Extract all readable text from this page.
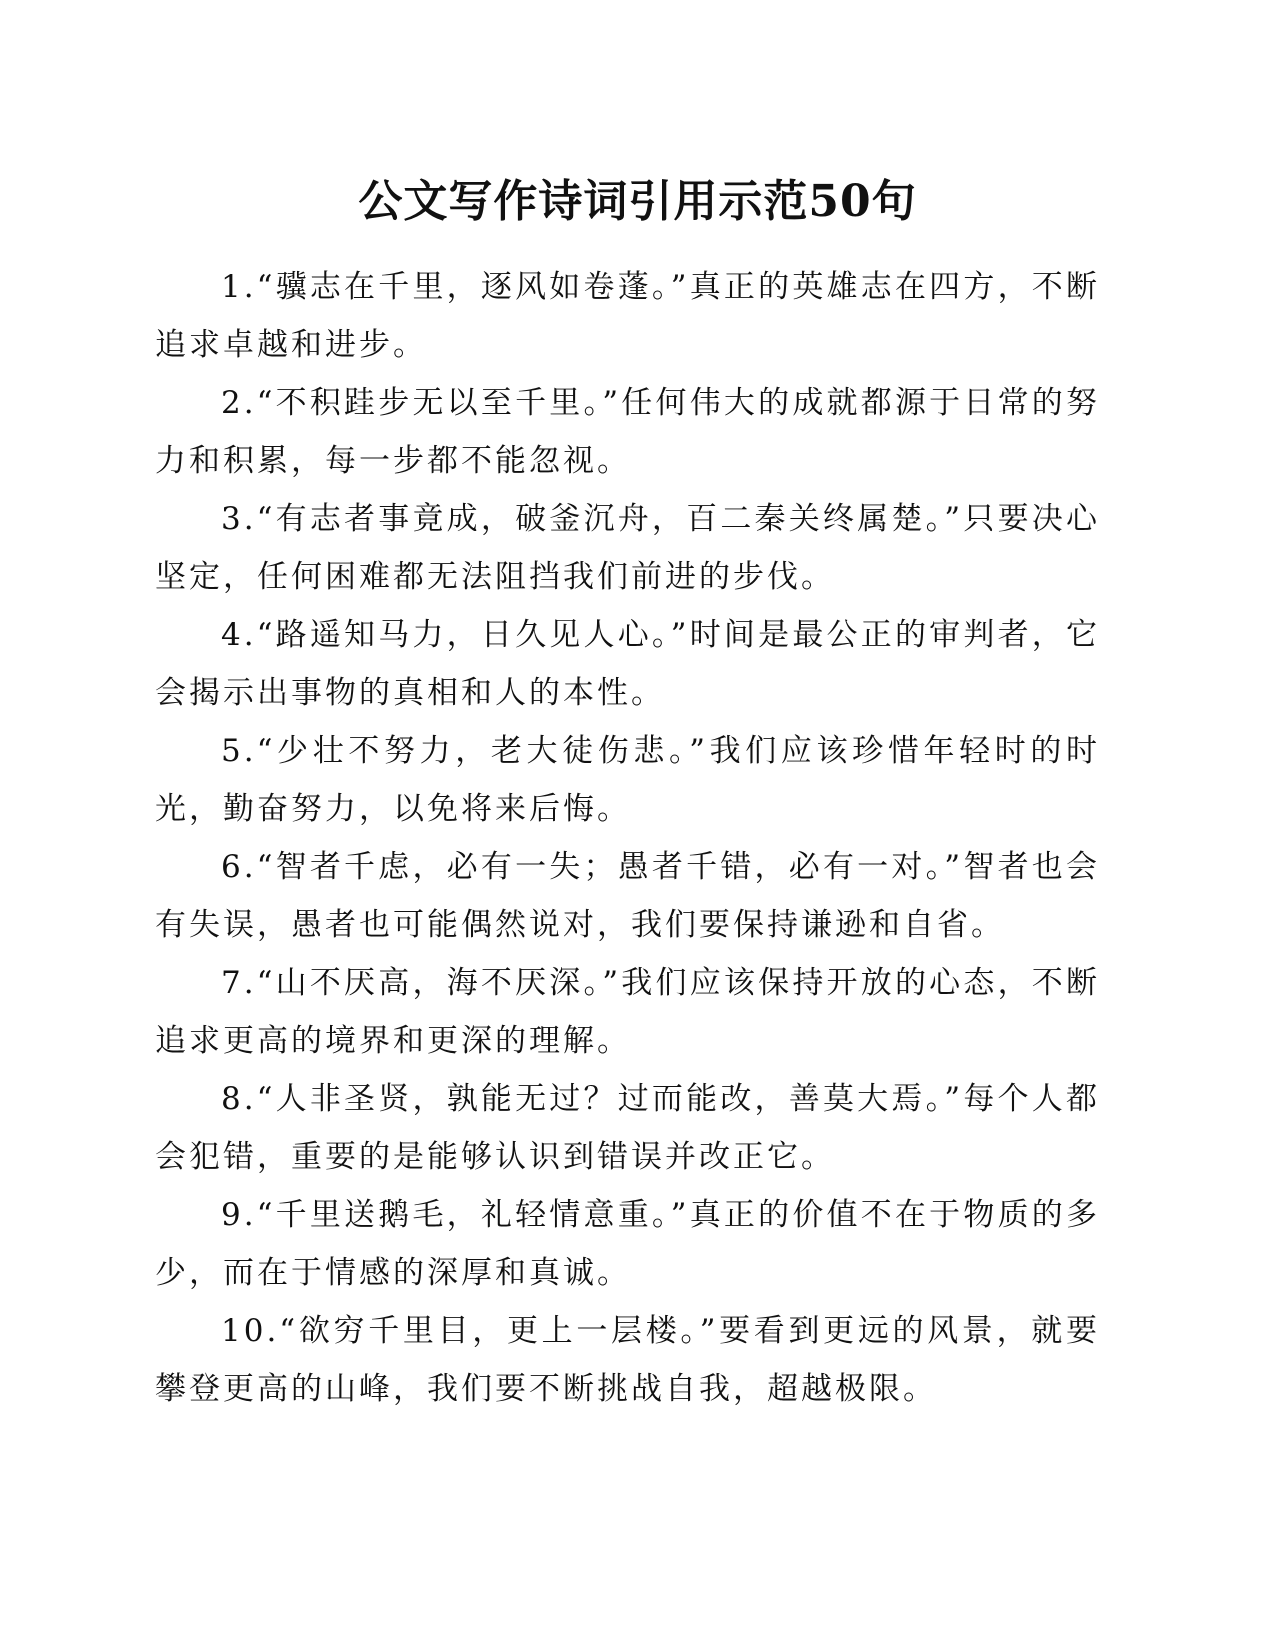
公文写作诗词引用示范50句

1.“骥志在千里，逐风如卷蓬。”真正的英雄志在四方，不断追求卓越和进步。

2.“不积跬步无以至千里。”任何伟大的成就都源于日常的努力和积累，每一步都不能忽视。

3.“有志者事竟成，破釜沉舟，百二秦关终属楚。”只要决心坚定，任何困难都无法阻挡我们前进的步伐。

4.“路遥知马力，日久见人心。”时间是最公正的审判者，它会揭示出事物的真相和人的本性。

5.“少壮不努力，老大徒伤悲。”我们应该珍惜年轻时的时光，勤奋努力，以免将来后悔。

6.“智者千虑，必有一失；愚者千错，必有一对。”智者也会有失误，愚者也可能偶然说对，我们要保持谦逊和自省。

7.“山不厌高，海不厌深。”我们应该保持开放的心态，不断追求更高的境界和更深的理解。

8.“人非圣贤，孰能无过？过而能改，善莫大焉。”每个人都会犯错，重要的是能够认识到错误并改正它。

9.“千里送鹅毛，礼轻情意重。”真正的价值不在于物质的多少，而在于情感的深厚和真诚。

10.“欲穷千里目，更上一层楼。”要看到更远的风景，就要攀登更高的山峰，我们要不断挑战自我，超越极限。
